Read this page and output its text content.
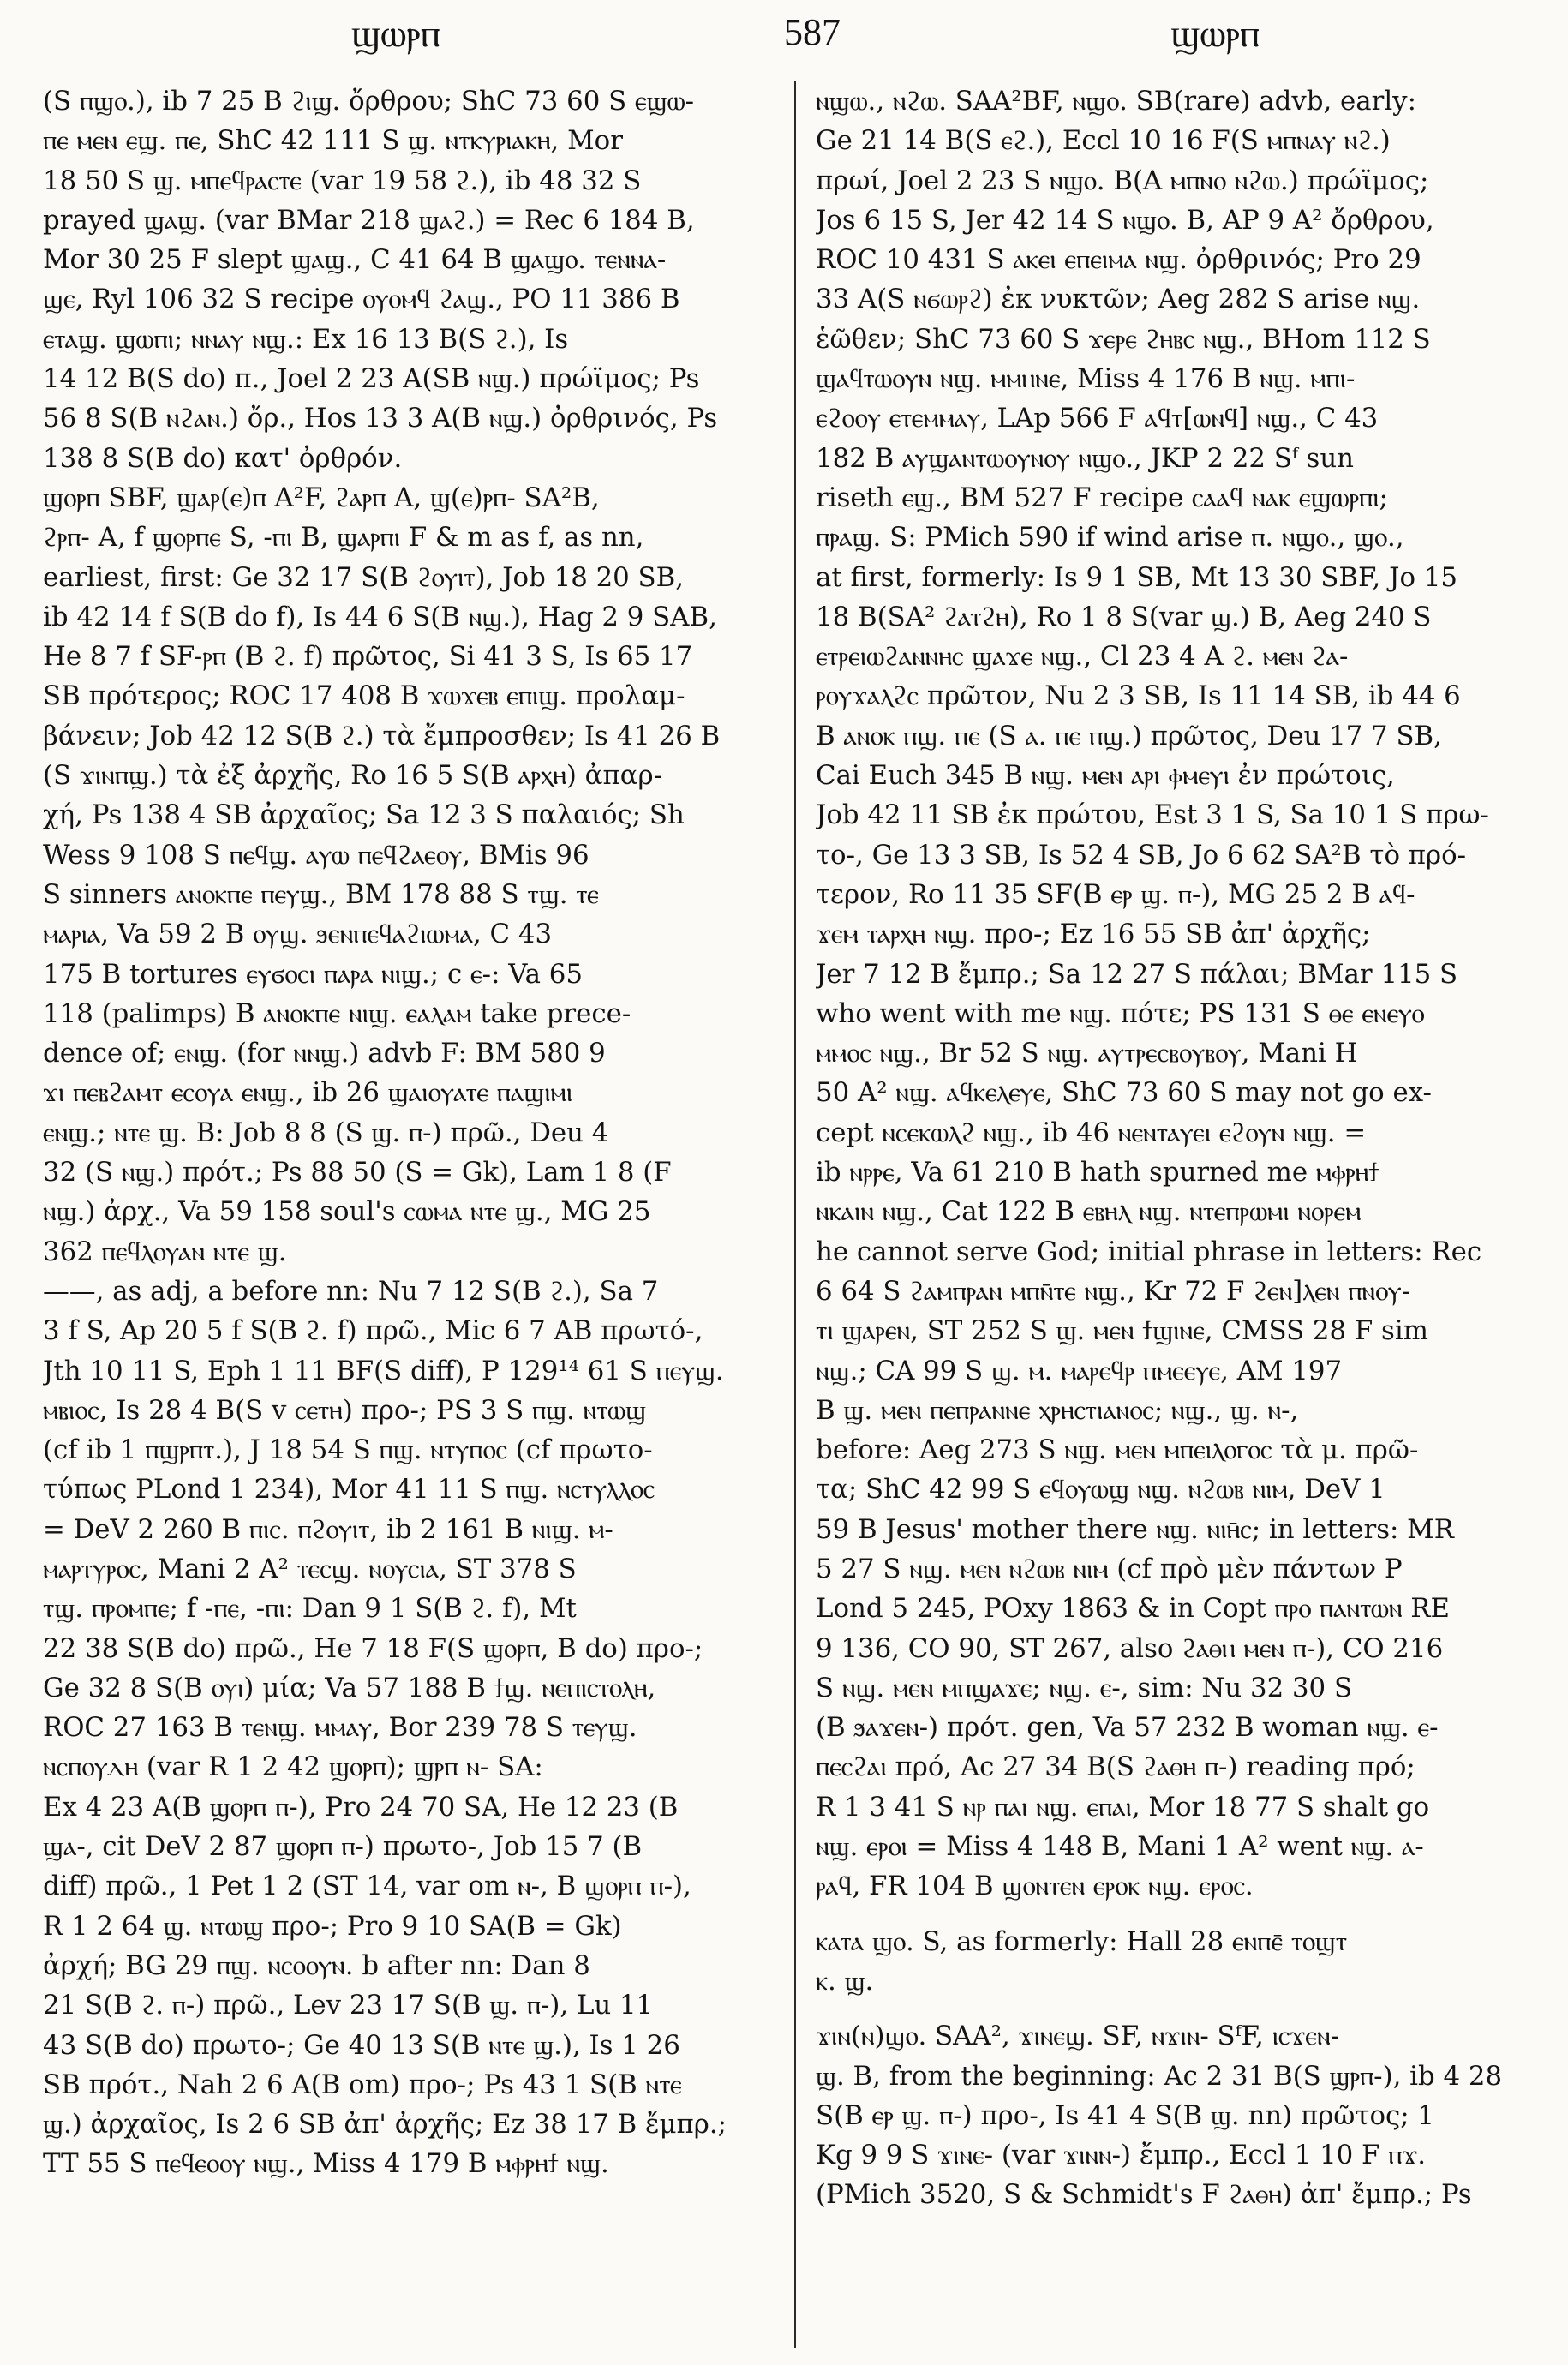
ϣⲱⲣⲡ	587	ϣⲱⲣⲡ
(S ⲡϣⲟ.), ib 7 25 B ϩⲓϣ. ὄρθρου; ShC 73 60 S ⲉϣⲱ-
ⲡⲉ ⲙⲉⲛ ⲉϣ. ⲡⲉ, ShC 42 111 S ϣ. ⲛⲧⲕⲩⲣⲓⲁⲕⲏ, Mor
18 50 S ϣ. ⲙⲡⲉϥⲣⲁⲥⲧⲉ (var 19 58 ϩ.), ib 48 32 S
prayed ϣⲁϣ. (var BMar 218 ϣⲁϩ.) = Rec 6 184 B,
Mor 30 25 F slept ϣⲁϣ., C 41 64 B ϣⲁϣⲟ. ⲧⲉⲛⲛⲁ-
ϣⲉ, Ryl 106 32 S recipe ⲟⲩⲟⲙϥ ϩⲁϣ., PO 11 386 B
ⲉⲧⲁϣ. ϣⲱⲡⲓ; ⲛⲛⲁⲩ ⲛϣ.: Ex 16 13 B(S ϩ.), Is
14 12 B(S do) π., Joel 2 23 A(SB ⲛϣ.) πρώϊμος; Ps
56 8 S(B ⲛϩⲁⲛ.) ὄρ., Hos 13 3 A(B ⲛϣ.) ὀρθρινός, Ps
138 8 S(B do) κατ' ὀρθρόν.
ϣⲟⲣⲡ SBF, ϣⲁⲣ(ⲉ)ⲡ A²F, ϩⲁⲣⲡ A, ϣ(ⲉ)ⲣⲡ- SA²B,
ϩⲣⲡ- A, f ϣⲟⲣⲡⲉ S, -ⲡⲓ B, ϣⲁⲣⲡⲓ F & m as f, as nn,
earliest, first: Ge 32 17 S(B ϩⲟⲩⲓⲧ), Job 18 20 SB,
ib 42 14 f S(B do f), Is 44 6 S(B ⲛϣ.), Hag 2 9 SAB,
He 8 7 f SF-ⲣⲡ (B ϩ. f) πρῶτος, Si 41 3 S, Is 65 17
SB πρότερος; ROC 17 408 B ϫⲱϫⲉⲃ ⲉⲡⲓϣ. προλαμ-
βάνειν; Job 42 12 S(B ϩ.) τὰ ἔμπροσθεν; Is 41 26 B
(S ϫⲓⲛⲡϣ.) τὰ ἐξ ἀρχῆς, Ro 16 5 S(B ⲁⲣⲭⲏ) ἀπαρ-
χή, Ps 138 4 SB ἀρχαῖος; Sa 12 3 S παλαιός; Sh
Wess 9 108 S ⲡⲉϥϣ. ⲁⲩⲱ ⲡⲉϥϩⲁⲉⲟⲩ, BMis 96
S sinners ⲁⲛⲟⲕⲡⲉ ⲡⲉⲩϣ., BM 178 88 S ⲧϣ. ⲧⲉ
ⲙⲁⲣⲓⲁ, Va 59 2 B ⲟⲩϣ. ϧⲉⲛⲡⲉϥⲁϩⲓⲱⲙⲁ, C 43
175 B tortures ⲉⲩϭⲟⲥⲓ ⲡⲁⲣⲁ ⲛⲓϣ.; c ⲉ-: Va 65
118 (palimps) B ⲁⲛⲟⲕⲡⲉ ⲛⲓϣ. ⲉⲁⲗⲁⲙ take prece-
dence of; ⲉⲛϣ. (for ⲛⲛϣ.) advb F: BM 580 9
ϫⲓ ⲡⲉⲃϩⲁⲙⲧ ⲉⲥⲟⲩⲁ ⲉⲛϣ., ib 26 ϣⲁⲓⲟⲩⲁⲧⲉ ⲡⲁϣⲓⲙⲓ
ⲉⲛϣ.; ⲛⲧⲉ ϣ. B: Job 8 8 (S ϣ. ⲡ-) πρῶ., Deu 4
32 (S ⲛϣ.) πρότ.; Ps 88 50 (S = Gk), Lam 1 8 (F
ⲛϣ.) ἀρχ., Va 59 158 soul's ⲥⲱⲙⲁ ⲛⲧⲉ ϣ., MG 25
362 ⲡⲉϥⲗⲟⲩⲁⲛ ⲛⲧⲉ ϣ.
——, as adj, a before nn: Nu 7 12 S(B ϩ.), Sa 7
3 f S, Ap 20 5 f S(B ϩ. f) πρῶ., Mic 6 7 AB πρωτό-,
Jth 10 11 S, Eph 1 11 BF(S diff), P 129¹⁴ 61 S ⲡⲉⲩϣ.
ⲙⲃⲓⲟⲥ, Is 28 4 B(S v ⲥⲉⲧⲏ) προ-; PS 3 S ⲡϣ. ⲛⲧⲱϣ
(cf ib 1 ⲡϣⲣⲡⲧ.), J 18 54 S ⲡϣ. ⲛⲧⲩⲡⲟⲥ (cf πρωτο-
τύπως PLond 1 234), Mor 41 11 S ⲡϣ. ⲛⲥⲧⲩⲗⲗⲟⲥ
= DeV 2 260 B ⲡⲓⲥ. ⲡϩⲟⲩⲓⲧ, ib 2 161 B ⲛⲓϣ. ⲙ-
ⲙⲁⲣⲧⲩⲣⲟⲥ, Mani 2 A² ⲧⲉⲥϣ. ⲛⲟⲩⲥⲓⲁ, ST 378 S
ⲧϣ. ⲡⲣⲟⲙⲡⲉ; f -ⲡⲉ, -ⲡⲓ: Dan 9 1 S(B ϩ. f), Mt
22 38 S(B do) πρῶ., He 7 18 F(S ϣⲟⲣⲡ, B do) προ-;
Ge 32 8 S(B ⲟⲩⲓ) μία; Va 57 188 B ϯϣ. ⲛⲉⲡⲓⲥⲧⲟⲗⲏ,
ROC 27 163 B ⲧⲉⲛϣ. ⲙⲙⲁⲩ, Bor 239 78 S ⲧⲉⲩϣ.
ⲛⲥⲡⲟⲩⲇⲏ (var R 1 2 42 ϣⲟⲣⲡ); ϣⲣⲡ ⲛ- SA:
Ex 4 23 A(B ϣⲟⲣⲡ ⲡ-), Pro 24 70 SA, He 12 23 (B
ϣⲁ-, cit DeV 2 87 ϣⲟⲣⲡ ⲡ-) πρωτο-, Job 15 7 (B
diff) πρῶ., 1 Pet 1 2 (ST 14, var om ⲛ-, B ϣⲟⲣⲡ ⲡ-),
R 1 2 64 ϣ. ⲛⲧⲱϣ προ-; Pro 9 10 SA(B = Gk)
ἀρχή; BG 29 ⲡϣ. ⲛⲥⲟⲟⲩⲛ. b after nn: Dan 8
21 S(B ϩ. ⲡ-) πρῶ., Lev 23 17 S(B ϣ. ⲡ-), Lu 11
43 S(B do) πρωτο-; Ge 40 13 S(B ⲛⲧⲉ ϣ.), Is 1 26
SB πρότ., Nah 2 6 A(B om) προ-; Ps 43 1 S(B ⲛⲧⲉ
ϣ.) ἀρχαῖος, Is 2 6 SB ἀπ' ἀρχῆς; Ez 38 17 B ἔμπρ.;
TT 55 S ⲡⲉϥⲉⲟⲟⲩ ⲛϣ., Miss 4 179 B ⲙⲫⲣⲏϯ ⲛϣ.
ⲛϣⲱ., ⲛϩⲱ. SAA²BF, ⲛϣⲟ. SB(rare) advb, early:
Ge 21 14 B(S ⲉϩ.), Eccl 10 16 F(S ⲙⲡⲛⲁⲩ ⲛϩ.)
πρωί, Joel 2 23 S ⲛϣⲟ. B(A ⲙⲡⲛⲟ ⲛϩⲱ.) πρώϊμος;
Jos 6 15 S, Jer 42 14 S ⲛϣⲟ. B, AP 9 A² ὄρθρου,
ROC 10 431 S ⲁⲕⲉⲓ ⲉⲡⲉⲓⲙⲁ ⲛϣ. ὀρθρινός; Pro 29
33 A(S ⲛϭⲱⲣϩ) ἐκ νυκτῶν; Aeg 282 S arise ⲛϣ.
ἑῶθεν; ShC 73 60 S ϫⲉⲣⲉ ϩⲏⲃⲥ ⲛϣ., BHom 112 S
ϣⲁϥⲧⲱⲟⲩⲛ ⲛϣ. ⲙⲙⲏⲛⲉ, Miss 4 176 B ⲛϣ. ⲙⲡⲓ-
ⲉϩⲟⲟⲩ ⲉⲧⲉⲙⲙⲁⲩ, LAp 566 F ⲁϥⲧ[ⲱⲛϥ] ⲛϣ., C 43
182 B ⲁⲩϣⲁⲛⲧⲱⲟⲩⲛⲟⲩ ⲛϣⲟ., JKP 2 22 Sᶠ sun
riseth ⲉϣ., BM 527 F recipe ⲥⲁⲁϥ ⲛⲁⲕ ⲉϣⲱⲣⲡⲓ;
ⲡⲣⲁϣ. S: PMich 590 if wind arise ⲡ. ⲛϣⲟ., ϣⲟ.,
at first, formerly: Is 9 1 SB, Mt 13 30 SBF, Jo 15
18 B(SA² ϩⲁⲧϩⲏ), Ro 1 8 S(var ϣ.) B, Aeg 240 S
ⲉⲧⲣⲉⲓⲱϩⲁⲛⲛⲏⲥ ϣⲁϫⲉ ⲛϣ., Cl 23 4 A ϩ. ⲙⲉⲛ ϩⲁ-
ⲣⲟⲩϫⲁⲗϩⲥ πρῶτον, Nu 2 3 SB, Is 11 14 SB, ib 44 6
B ⲁⲛⲟⲕ ⲡϣ. ⲡⲉ (S ⲁ. ⲡⲉ ⲡϣ.) πρῶτος, Deu 17 7 SB,
Cai Euch 345 B ⲛϣ. ⲙⲉⲛ ⲁⲣⲓ ⲫⲙⲉⲩⲓ ἐν πρώτοις,
Job 42 11 SB ἐκ πρώτου, Est 3 1 S, Sa 10 1 S πρω-
το-, Ge 13 3 SB, Is 52 4 SB, Jo 6 62 SA²B τὸ πρό-
τερον, Ro 11 35 SF(B ⲉⲣ ϣ. ⲡ-), MG 25 2 B ⲁϥ-
ϫⲉⲙ ⲧⲁⲣⲭⲏ ⲛϣ. προ-; Ez 16 55 SB ἀπ' ἀρχῆς;
Jer 7 12 B ἔμπρ.; Sa 12 27 S πάλαι; BMar 115 S
who went with me ⲛϣ. πότε; PS 131 S ⲑⲉ ⲉⲛⲉⲩⲟ
ⲙⲙⲟⲥ ⲛϣ., Br 52 S ⲛϣ. ⲁⲩⲧⲣⲉⲥⲃⲟⲩⲃⲟⲩ, Mani H
50 A² ⲛϣ. ⲁϥⲕⲉⲗⲉⲩⲉ, ShC 73 60 S may not go ex-
cept ⲛⲥⲉⲕⲱⲗϩ ⲛϣ., ib 46 ⲛⲉⲛⲧⲁⲩⲉⲓ ⲉϩⲟⲩⲛ ⲛϣ. =
ib ⲛⲣⲣⲉ, Va 61 210 B hath spurned me ⲙⲫⲣⲏϯ
ⲛⲕⲁⲓⲛ ⲛϣ., Cat 122 B ⲉⲃⲏⲗ ⲛϣ. ⲛⲧⲉⲡⲣⲱⲙⲓ ⲛⲟⲣⲉⲙ
he cannot serve God; initial phrase in letters: Rec
6 64 S ϩⲁⲙⲡⲣⲁⲛ ⲙⲡⲛ̄ⲧⲉ ⲛϣ., Kr 72 F ϩⲉⲛ]ⲗⲉⲛ ⲡⲛⲟⲩ-
ⲧⲓ ϣⲁⲣⲉⲛ, ST 252 S ϣ. ⲙⲉⲛ ϯϣⲓⲛⲉ, CMSS 28 F sim
ⲛϣ.; CA 99 S ϣ. ⲙ. ⲙⲁⲣⲉϥⲣ ⲡⲙⲉⲉⲩⲉ, AM 197
B ϣ. ⲙⲉⲛ ⲡⲉⲡⲣⲁⲛⲛⲉ ⲭⲣⲏⲥⲧⲓⲁⲛⲟⲥ; ⲛϣ., ϣ. ⲛ-,
before: Aeg 273 S ⲛϣ. ⲙⲉⲛ ⲙⲡⲉⲓⲗⲟⲅⲟⲥ τὰ μ. πρῶ-
τα; ShC 42 99 S ⲉϥⲟⲩⲱϣ ⲛϣ. ⲛϩⲱⲃ ⲛⲓⲙ, DeV 1
59 B Jesus' mother there ⲛϣ. ⲛⲓⲏ̄ⲥ; in letters: MR
5 27 S ⲛϣ. ⲙⲉⲛ ⲛϩⲱⲃ ⲛⲓⲙ (cf πρὸ μὲν πάντων P
Lond 5 245, POxy 1863 & in Copt ⲡⲣⲟ ⲡⲁⲛⲧⲱⲛ RE
9 136, CO 90, ST 267, also ϩⲁⲑⲏ ⲙⲉⲛ ⲡ-), CO 216
S ⲛϣ. ⲙⲉⲛ ⲙⲡϣⲁϫⲉ; ⲛϣ. ⲉ-, sim: Nu 32 30 S
(B ϧⲁϫⲉⲛ-) πρότ. gen, Va 57 232 B woman ⲛϣ. ⲉ-
ⲡⲉⲥϩⲁⲓ πρό, Ac 27 34 B(S ϩⲁⲑⲏ ⲡ-) reading πρό;
R 1 3 41 S ⲛⲣ ⲡⲁⲓ ⲛϣ. ⲉⲡⲁⲓ, Mor 18 77 S shalt go
ⲛϣ. ⲉⲣⲟⲓ = Miss 4 148 B, Mani 1 A² went ⲛϣ. ⲁ-
ⲣⲁϥ, FR 104 B ϣⲟⲛⲧⲉⲛ ⲉⲣⲟⲕ ⲛϣ. ⲉⲣⲟⲥ.
ⲕⲁⲧⲁ ϣⲟ. S, as formerly: Hall 28 ⲉⲛⲡⲉ̄ ⲧⲟϣⲧ
ⲕ. ϣ.
ϫⲓⲛ(ⲛ)ϣⲟ. SAA², ϫⲓⲛⲉϣ. SF, ⲛϫⲓⲛ- SᶠF, ⲓⲥϫⲉⲛ-
ϣ. B, from the beginning: Ac 2 31 B(S ϣⲣⲡ-), ib 4 28
S(B ⲉⲣ ϣ. ⲡ-) προ-, Is 41 4 S(B ϣ. nn) πρῶτος; 1
Kg 9 9 S ϫⲓⲛⲉ- (var ϫⲓⲛⲛ-) ἔμπρ., Eccl 1 10 F ⲡϫ.
(PMich 3520, S & Schmidt's F ϩⲁⲑⲏ) ἀπ' ἔμπρ.; Ps
